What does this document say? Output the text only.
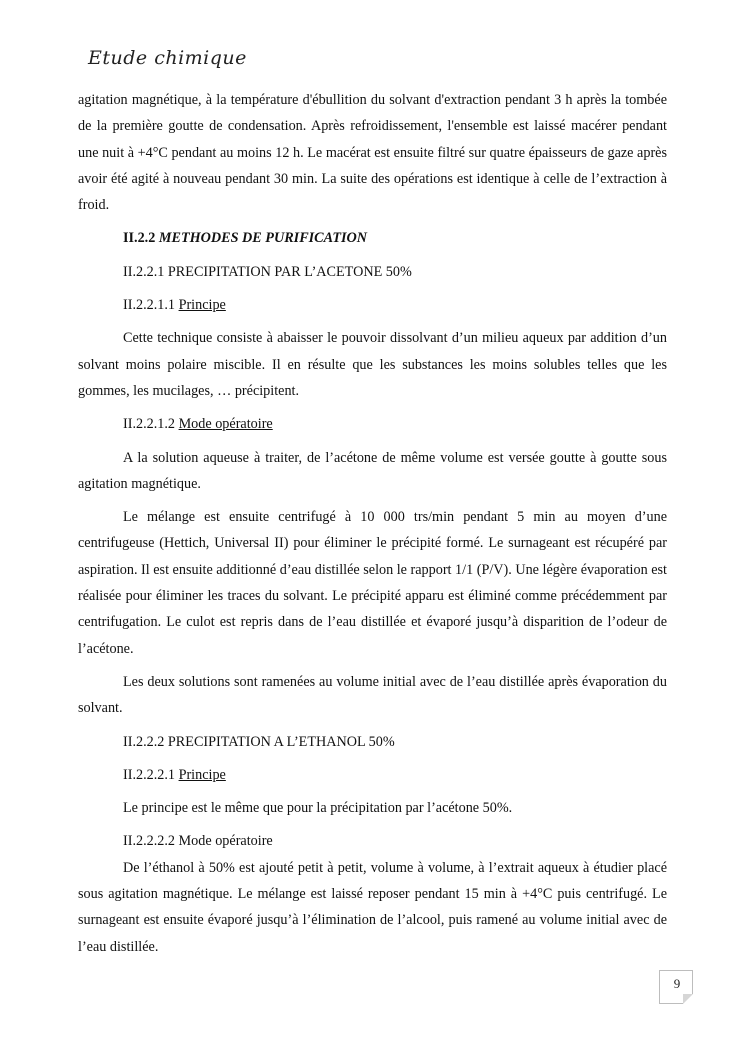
Etude chimique

agitation magnétique, à la température d'ébullition du solvant d'extraction pendant 3 h après la tombée de la première goutte de condensation. Après refroidissement, l'ensemble est laissé macérer pendant une nuit à +4°C pendant au moins 12 h. Le macérat est ensuite filtré sur quatre épaisseurs de gaze après avoir été agité à nouveau pendant 30 min. La suite des opérations est identique à celle de l’extraction à froid.

II.2.2 METHODES DE PURIFICATION

II.2.2.1 PRECIPITATION PAR L’ACETONE 50%

II.2.2.1.1 Principe

Cette technique consiste à abaisser le pouvoir dissolvant d’un milieu aqueux par addition d’un solvant moins polaire miscible. Il en résulte que les substances les moins solubles telles que les gommes, les mucilages, … précipitent.

II.2.2.1.2 Mode opératoire

A la solution aqueuse à traiter, de l’acétone de même volume est versée goutte à goutte sous agitation magnétique.

Le mélange est ensuite centrifugé à 10 000 trs/min pendant 5 min au moyen d’une centrifugeuse (Hettich, Universal II) pour éliminer le précipité formé. Le surnageant est récupéré par aspiration. Il est ensuite additionné d’eau distillée selon le rapport 1/1 (P/V). Une légère évaporation est réalisée pour éliminer les traces du solvant. Le précipité apparu est éliminé comme précédemment par centrifugation. Le culot est repris dans de l’eau distillée et évaporé jusqu’à disparition de l’odeur de l’acétone.

Les deux solutions sont ramenées au volume initial avec de l’eau distillée après évaporation du solvant.

II.2.2.2 PRECIPITATION A L’ETHANOL 50%

II.2.2.2.1 Principe

Le principe est le même que pour la précipitation par l’acétone 50%.

II.2.2.2.2 Mode opératoire

De l’éthanol à 50% est ajouté petit à petit, volume à volume, à l’extrait aqueux à étudier placé sous agitation magnétique. Le mélange est laissé reposer pendant 15 min à +4°C puis centrifugé. Le surnageant est ensuite évaporé jusqu’à l’élimination de l’alcool, puis ramené au volume initial avec de l’eau distillée.

9
